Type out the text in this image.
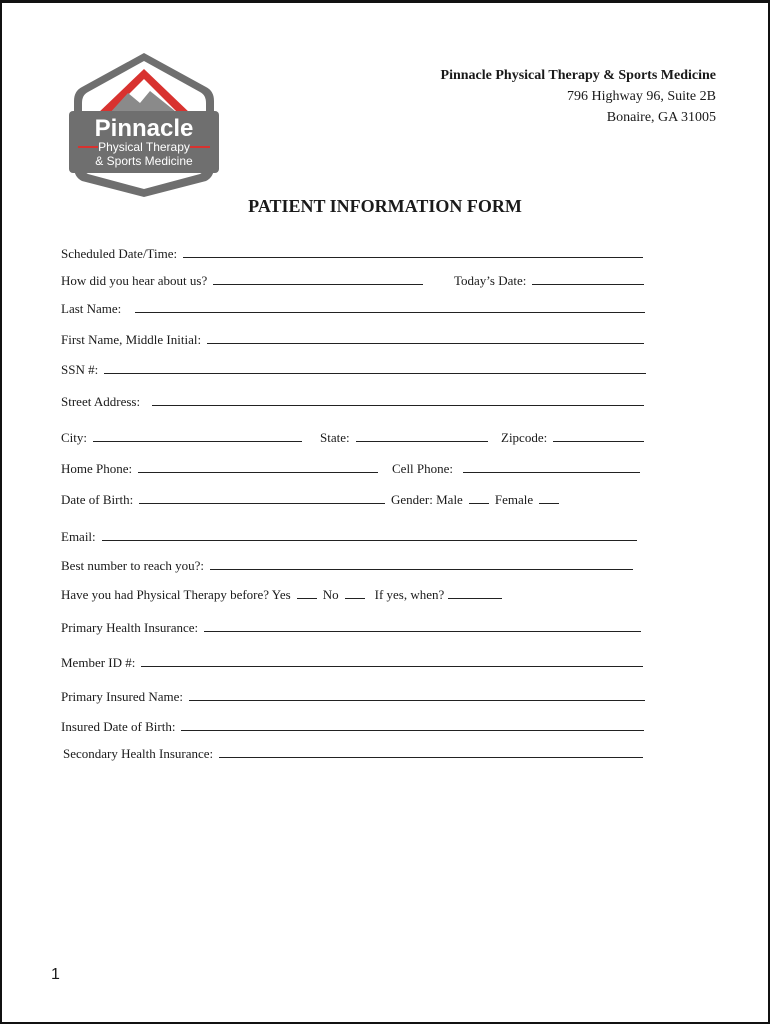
Pinnacle
Physical Therapy
& Sports Medicine
Pinnacle Physical Therapy & Sports Medicine
796 Highway 96, Suite 2B
Bonaire, GA 31005
PATIENT INFORMATION FORM
Scheduled Date/Time:
How did you hear about us?	Today’s Date:
Last Name:
First Name, Middle Initial:
SSN #:
Street Address:
City:	State:	Zipcode:
Home Phone:	Cell Phone:
Date of Birth:	Gender: Male Female
Email:
Best number to reach you?:
Have you had Physical Therapy before? Yes No	If yes, when?
Primary Health Insurance:
Member ID #:
Primary Insured Name:
Insured Date of Birth:
Secondary Health Insurance:
1
